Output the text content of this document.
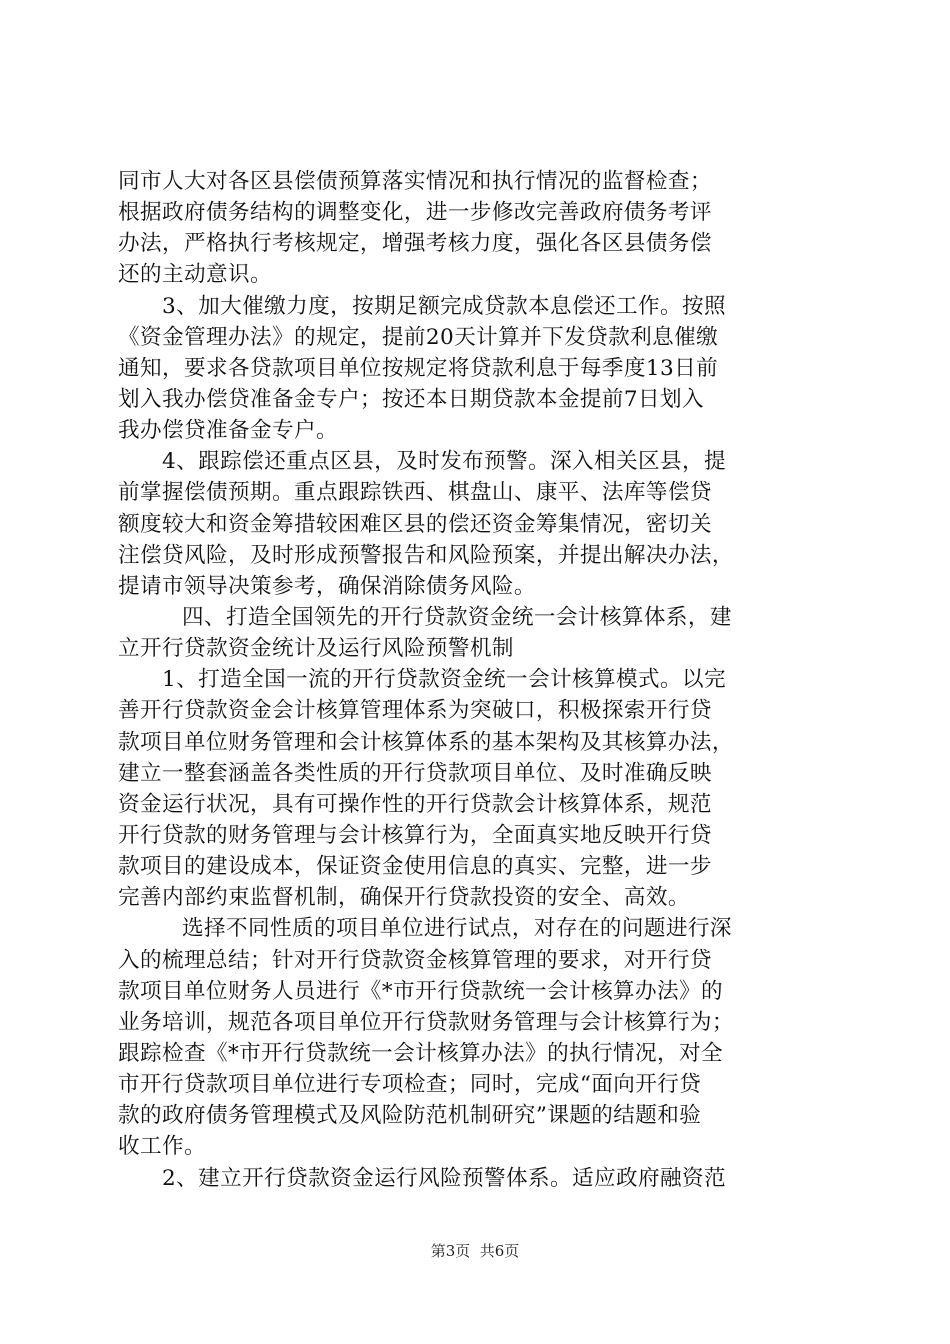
同市人大对各区县偿债预算落实情况和执行情况的监督检查；
根据政府债务结构的调整变化，进一步修改完善政府债务考评
办法，严格执行考核规定，增强考核力度，强化各区县债务偿
还的主动意识。
3、加大催缴力度，按期足额完成贷款本息偿还工作。按照
《资金管理办法》的规定，提前20天计算并下发贷款利息催缴
通知，要求各贷款项目单位按规定将贷款利息于每季度13日前
划入我办偿贷准备金专户；按还本日期贷款本金提前7日划入
我办偿贷准备金专户。
4、跟踪偿还重点区县，及时发布预警。深入相关区县，提
前掌握偿债预期。重点跟踪铁西、棋盘山、康平、法库等偿贷
额度较大和资金筹措较困难区县的偿还资金筹集情况，密切关
注偿贷风险，及时形成预警报告和风险预案，并提出解决办法，
提请市领导决策参考，确保消除债务风险。
四、打造全国领先的开行贷款资金统一会计核算体系，建
立开行贷款资金统计及运行风险预警机制
1、打造全国一流的开行贷款资金统一会计核算模式。以完
善开行贷款资金会计核算管理体系为突破口，积极探索开行贷
款项目单位财务管理和会计核算体系的基本架构及其核算办法，
建立一整套涵盖各类性质的开行贷款项目单位、及时准确反映
资金运行状况，具有可操作性的开行贷款会计核算体系，规范
开行贷款的财务管理与会计核算行为，全面真实地反映开行贷
款项目的建设成本，保证资金使用信息的真实、完整，进一步
完善内部约束监督机制，确保开行贷款投资的安全、高效。
选择不同性质的项目单位进行试点，对存在的问题进行深
入的梳理总结；针对开行贷款资金核算管理的要求，对开行贷
款项目单位财务人员进行《*市开行贷款统一会计核算办法》的
业务培训，规范各项目单位开行贷款财务管理与会计核算行为；
跟踪检查《*市开行贷款统一会计核算办法》的执行情况，对全
市开行贷款项目单位进行专项检查；同时，完成“面向开行贷
款的政府债务管理模式及风险防范机制研究”课题的结题和验
收工作。
2、建立开行贷款资金运行风险预警体系。适应政府融资范
第3页  共6页
